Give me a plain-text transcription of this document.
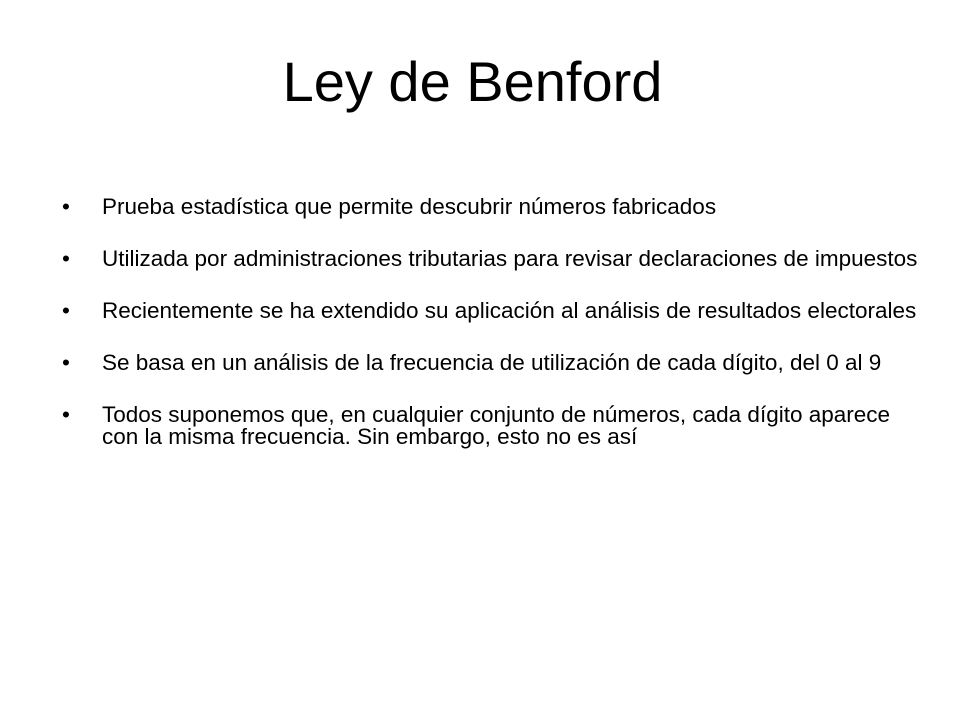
Ley de Benford
•	Prueba estadística que permite descubrir números fabricados
•	Utilizada por administraciones tributarias para revisar declaraciones de impuestos
•	Recientemente se ha extendido su aplicación al análisis de resultados electorales
•	Se basa en un análisis de la frecuencia de utilización de cada dígito, del 0 al 9
•	Todos suponemos que, en cualquier conjunto de números, cada dígito aparece con la misma frecuencia. Sin embargo, esto no es así
